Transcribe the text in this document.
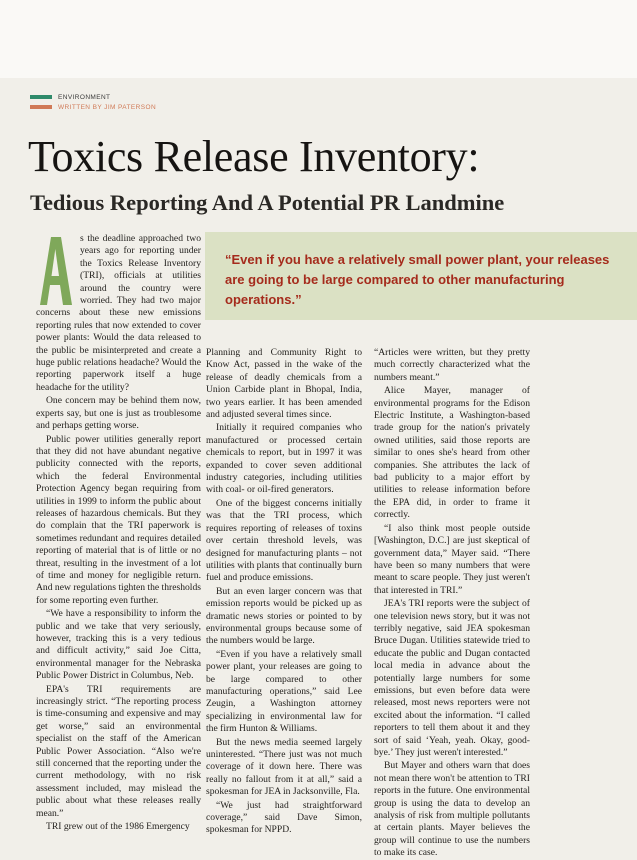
ENVIRONMENT
WRITTEN BY JIM PATERSON
Toxics Release Inventory:
Tedious Reporting And A Potential PR Landmine
“Even if you have a relatively small power plant, your releases are going to be large compared to other manufacturing operations.”

s the deadline approached two years ago for reporting under the Toxics Release Inventory (TRI), officials at utilities around the country were worried. They had two major concerns about these new emissions reporting rules that now extended to cover power plants: Would the data released to the public be misinterpreted and create a huge public relations headache? Would the reporting paperwork itself a huge headache for the utility?

One concern may be behind them now, experts say, but one is just as troublesome and perhaps getting worse.

Public power utilities generally report that they did not have abundant negative publicity connected with the reports, which the federal Environmental Protection Agency began requiring from utilities in 1999 to inform the public about releases of hazardous chemicals. But they do complain that the TRI paperwork is sometimes redundant and requires detailed reporting of material that is of little or no threat, resulting in the investment of a lot of time and money for negligible return. And new regulations tighten the thresholds for some reporting even further.

“We have a responsibility to inform the public and we take that very seriously, however, tracking this is a very tedious and difficult activity,” said Joe Citta, environmental manager for the Nebraska Public Power District in Columbus, Neb.

EPA's TRI requirements are increasingly strict. “The reporting process is time-consuming and expensive and may get worse,” said an environmental specialist on the staff of the American Public Power Association. “Also we're still concerned that the reporting under the current methodology, with no risk assessment included, may mislead the public about what these releases really mean.”

TRI grew out of the 1986 Emergency

Planning and Community Right to Know Act, passed in the wake of the release of deadly chemicals from a Union Carbide plant in Bhopal, India, two years earlier. It has been amended and adjusted several times since.

Initially it required companies who manufactured or processed certain chemicals to report, but in 1997 it was expanded to cover seven additional industry categories, including utilities with coal- or oil-fired generators.

One of the biggest concerns initially was that the TRI process, which requires reporting of releases of toxins over certain threshold levels, was designed for manufacturing plants – not utilities with plants that continually burn fuel and produce emissions.

But an even larger concern was that emission reports would be picked up as dramatic news stories or pointed to by environmental groups because some of the numbers would be large.

“Even if you have a relatively small power plant, your releases are going to be large compared to other manufacturing operations,” said Lee Zeugin, a Washington attorney specializing in environmental law for the firm Hunton & Williams.

But the news media seemed largely uninterested. “There just was not much coverage of it down here. There was really no fallout from it at all,” said a spokesman for JEA in Jacksonville, Fla.

“We just had straightforward coverage,” said Dave Simon, spokesman for NPPD.

“Articles were written, but they pretty much correctly characterized what the numbers meant.”

Alice Mayer, manager of environmental programs for the Edison Electric Institute, a Washington-based trade group for the nation's privately owned utilities, said those reports are similar to ones she's heard from other companies. She attributes the lack of bad publicity to a major effort by utilities to release information before the EPA did, in order to frame it correctly.

“I also think most people outside [Washington, D.C.] are just skeptical of government data,” Mayer said. “There have been so many numbers that were meant to scare people. They just weren't that interested in TRI.”

JEA's TRI reports were the subject of one television news story, but it was not terribly negative, said JEA spokesman Bruce Dugan. Utilities statewide tried to educate the public and Dugan contacted local media in advance about the potentially large numbers for some emissions, but even before data were released, most news reporters were not excited about the information. “I called reporters to tell them about it and they sort of said ‘Yeah, yeah. Okay, good-bye.’ They just weren't interested.”

But Mayer and others warn that does not mean there won't be attention to TRI reports in the future. One environmental group is using the data to develop an analysis of risk from multiple pollutants at certain plants. Mayer believes the group will continue to use the numbers to make its case.
